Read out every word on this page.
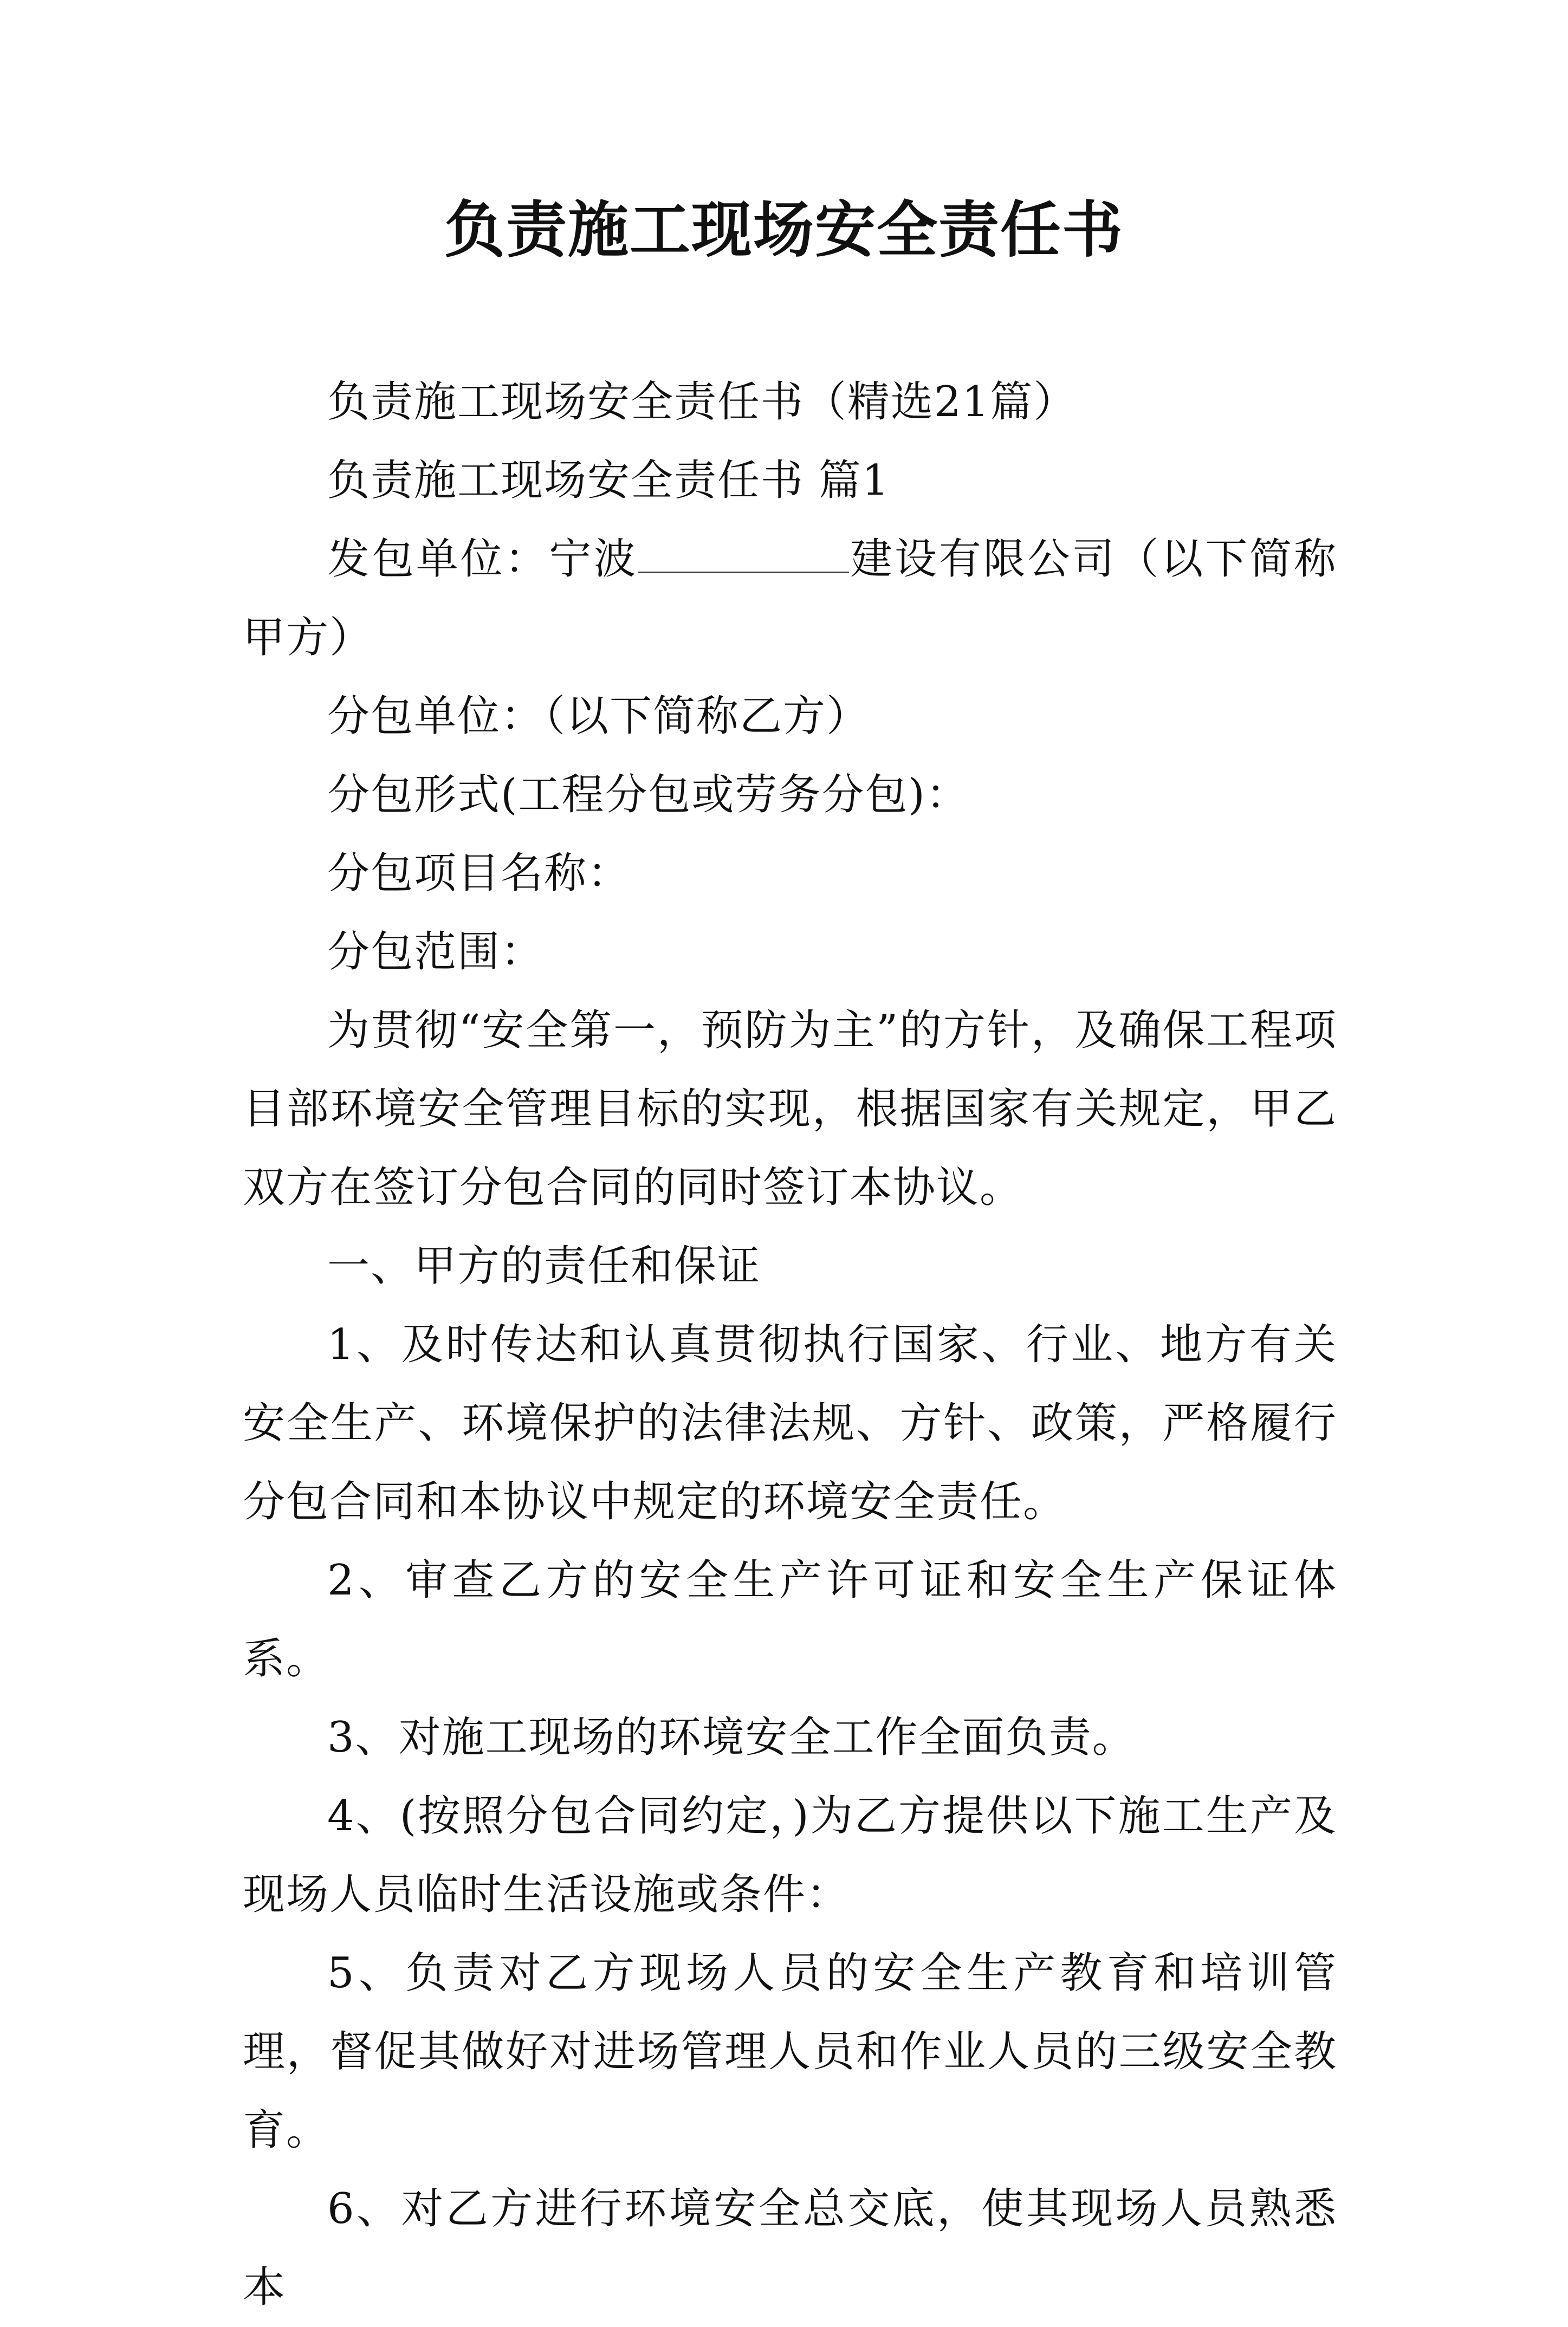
负责施工现场安全责任书

负责施工现场安全责任书（精选21篇）

负责施工现场安全责任书 篇1

发包单位：宁波	建设有限公司（以下简称甲方）

分包单位：（以下简称乙方）

分包形式(工程分包或劳务分包)：

分包项目名称：

分包范围：

为贯彻“安全第一，预防为主”的方针，及确保工程项目部环境安全管理目标的实现，根据国家有关规定，甲乙双方在签订分包合同的同时签订本协议。

一、甲方的责任和保证

1、及时传达和认真贯彻执行国家、行业、地方有关安全生产、环境保护的法律法规、方针、政策，严格履行分包合同和本协议中规定的环境安全责任。

2、审查乙方的安全生产许可证和安全生产保证体系。

3、对施工现场的环境安全工作全面负责。

4、(按照分包合同约定，)为乙方提供以下施工生产及现场人员临时生活设施或条件：

5、负责对乙方现场人员的安全生产教育和培训管理，督促其做好对进场管理人员和作业人员的三级安全教育。

6、对乙方进行环境安全总交底，使其现场人员熟悉本
